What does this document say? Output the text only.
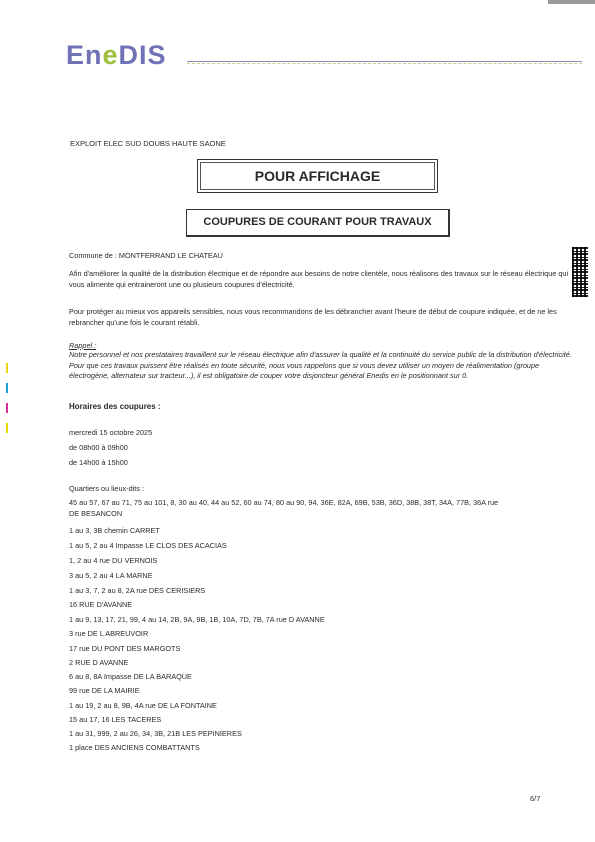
EneDIS
EXPLOIT ELEC SUD DOUBS HAUTE SAONE
POUR AFFICHAGE
COUPURES DE COURANT POUR TRAVAUX
Commune de : MONTFERRAND LE CHATEAU
Afin d'améliorer la qualité de la distribution électrique et de répondre aux besoins de notre clientèle, nous réalisons des travaux sur le réseau électrique qui vous alimente qui entraineront une ou plusieurs coupures d'électricité.
Pour protéger au mieux vos appareils sensibles, nous vous recommandons de les débrancher avant l'heure de début de coupure indiquée, et de ne les rebrancher qu'une fois le courant rétabli.
Rappel :
Notre personnel et nos prestataires travaillent sur le réseau électrique afin d'assurer la qualité et la continuité du service public de la distribution d'électricité. Pour que ces travaux puissent être réalisés en toute sécurité, nous vous rappelons que si vous devez utiliser un moyen de réalimentation (groupe électrogène, alternateur sur tracteur...), il est obligatoire de couper votre disjoncteur général Enedis en le positionnant sur 0.
Horaires des coupures :
mercredi 15 octobre 2025
de 08h00 à 09h00
de 14h00 à 15h00
Quartiers ou lieux-dits :
45 au 57, 67 au 71, 75 au 101, 8, 30 au 40, 44 au 52, 60 au 74, 80 au 90, 94, 36E, 82A, 69B, 53B, 36D, 38B, 38T, 34A, 77B, 36A rue
DE BESANCON
1 au 3, 3B chemin CARRET
1 au 5, 2 au 4 Impasse LE CLOS DES ACACIAS
1, 2 au 4 rue DU VERNOIS
3 au 5, 2 au 4 LA MARNE
1 au 3, 7, 2 au 8, 2A rue DES CERISIERS
16 RUE D'AVANNE
1 au 9, 13, 17, 21, 99, 4 au 14, 2B, 9A, 9B, 1B, 10A, 7D, 7B, 7A rue D AVANNE
3 rue DE L ABREUVOIR
17 rue DU PONT DES MARGOTS
2 RUE D AVANNE
6 au 8, 8A Impasse DE LA BARAQUE
99 rue DE LA MAIRIE
1 au 19, 2 au 8, 9B, 4A rue DE LA FONTAINE
15 au 17, 16 LES TACERES
1 au 31, 999, 2 au 26, 34, 3B, 21B LES PEPINIERES
1 place DES ANCIENS COMBATTANTS
6/7
